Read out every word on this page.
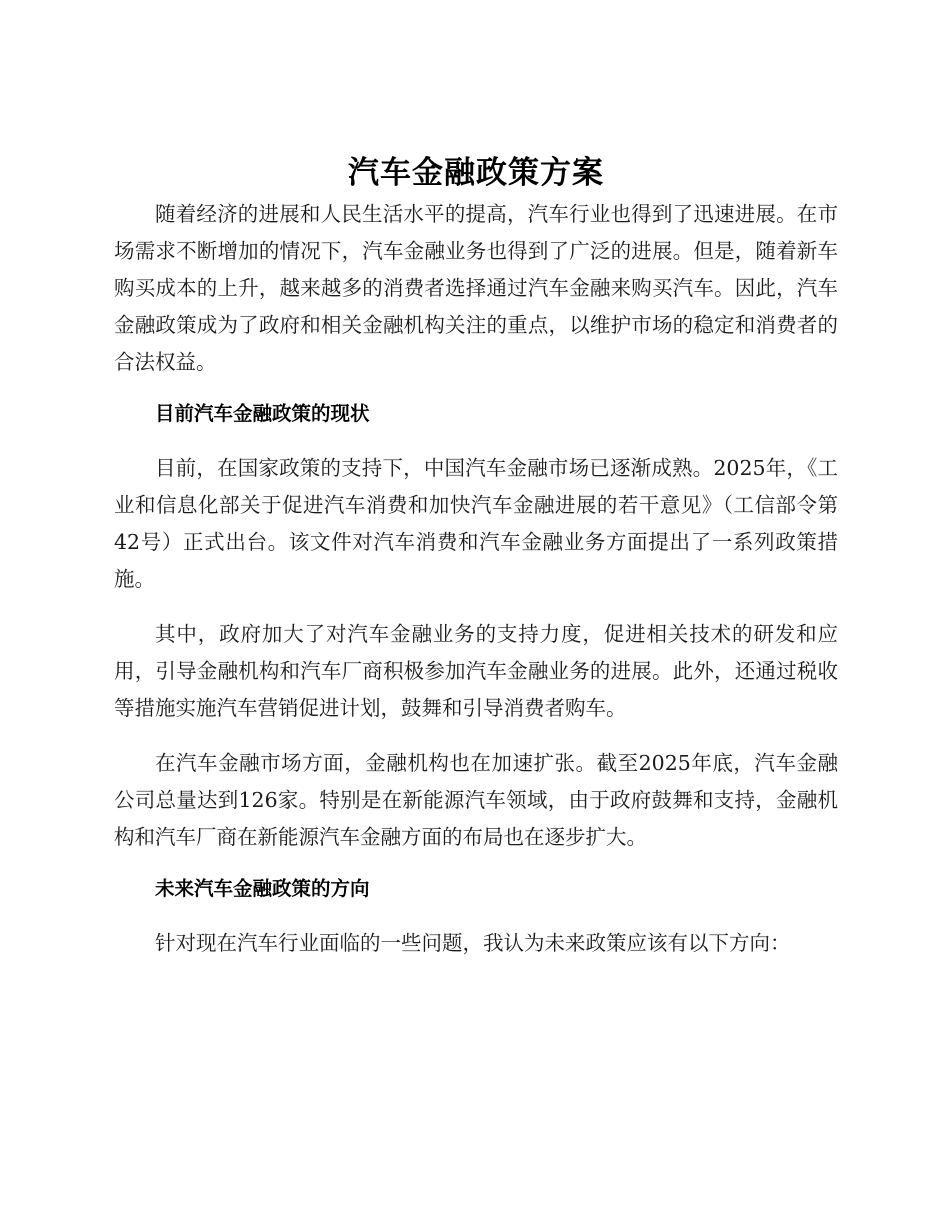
汽车金融政策方案

随着经济的进展和人民生活水平的提高，汽车行业也得到了迅速进展。在市场需求不断增加的情况下，汽车金融业务也得到了广泛的进展。但是，随着新车购买成本的上升，越来越多的消费者选择通过汽车金融来购买汽车。因此，汽车金融政策成为了政府和相关金融机构关注的重点，以维护市场的稳定和消费者的合法权益。

目前汽车金融政策的现状

目前，在国家政策的支持下，中国汽车金融市场已逐渐成熟。2025年，《工业和信息化部关于促进汽车消费和加快汽车金融进展的若干意见》（工信部令第42号）正式出台。该文件对汽车消费和汽车金融业务方面提出了一系列政策措施。

其中，政府加大了对汽车金融业务的支持力度，促进相关技术的研发和应用，引导金融机构和汽车厂商积极参加汽车金融业务的进展。此外，还通过税收等措施实施汽车营销促进计划，鼓舞和引导消费者购车。

在汽车金融市场方面，金融机构也在加速扩张。截至2025年底，汽车金融公司总量达到126家。特别是在新能源汽车领域，由于政府鼓舞和支持，金融机构和汽车厂商在新能源汽车金融方面的布局也在逐步扩大。

未来汽车金融政策的方向

针对现在汽车行业面临的一些问题，我认为未来政策应该有以下方向：
